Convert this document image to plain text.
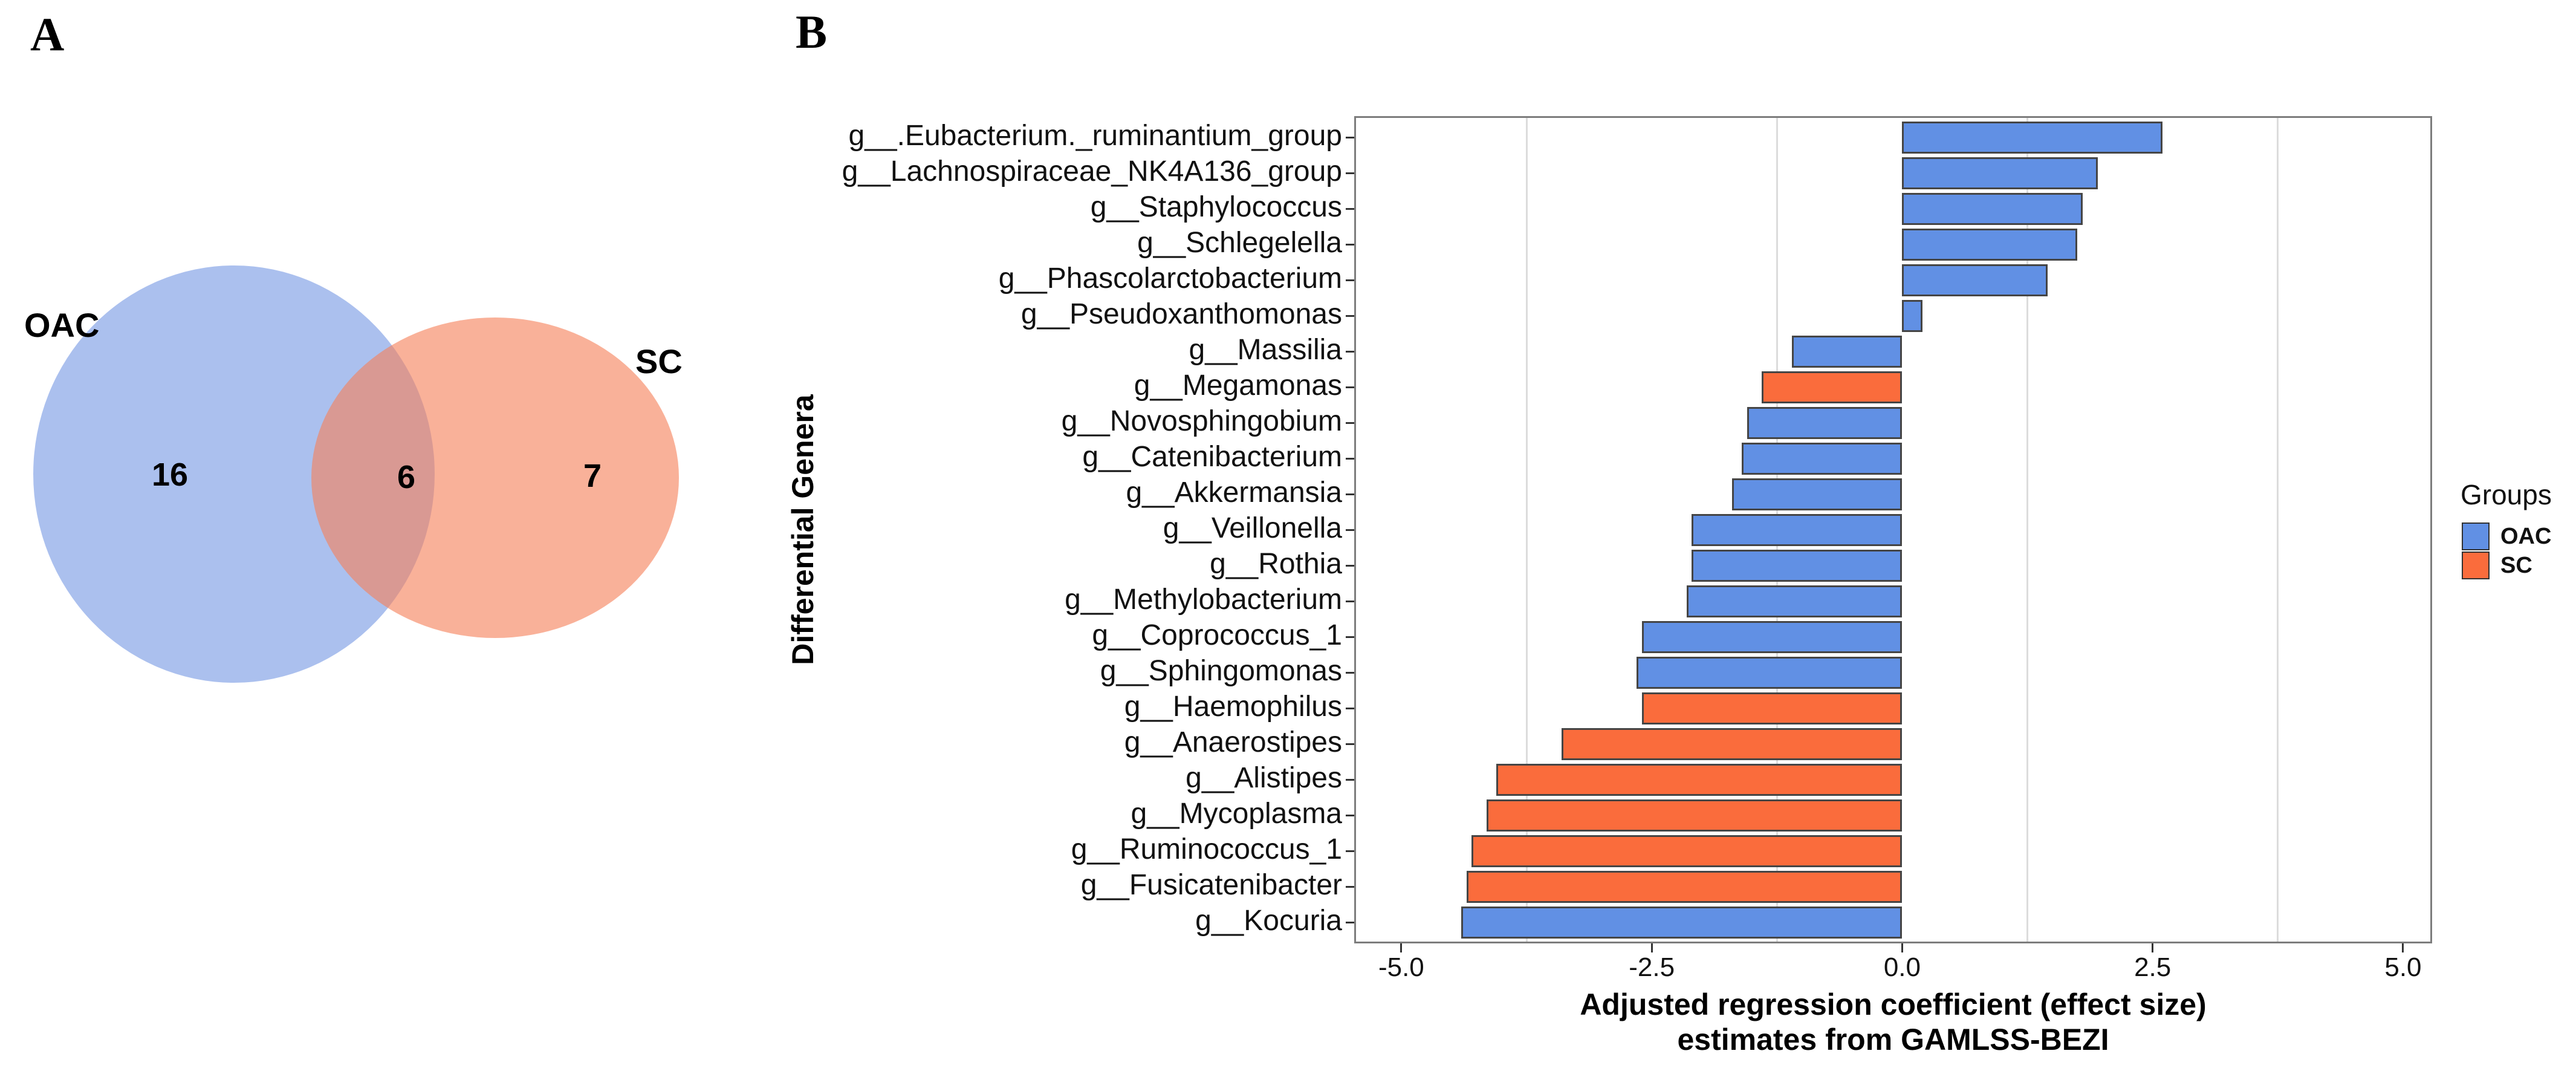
A
OAC
SC
16	6	7
B
Differential Genera
g__.Eubacterium._ruminantium_group
g__Lachnospiraceae_NK4A136_group
g__Staphylococcus
g__Schlegelella
g__Phascolarctobacterium
g__Pseudoxanthomonas
g__Massilia
g__Megamonas
g__Novosphingobium
g__Catenibacterium
g__Akkermansia
g__Veillonella
g__Rothia
g__Methylobacterium
g__Coprococcus_1
g__Sphingomonas
g__Haemophilus
g__Anaerostipes
g__Alistipes
g__Mycoplasma
g__Ruminococcus_1
g__Fusicatenibacter
g__Kocuria
-5.0	-2.5	0.0	2.5	5.0
Adjusted regression coefficient (effect size)
estimates from GAMLSS-BEZI
Groups
OAC
SC
